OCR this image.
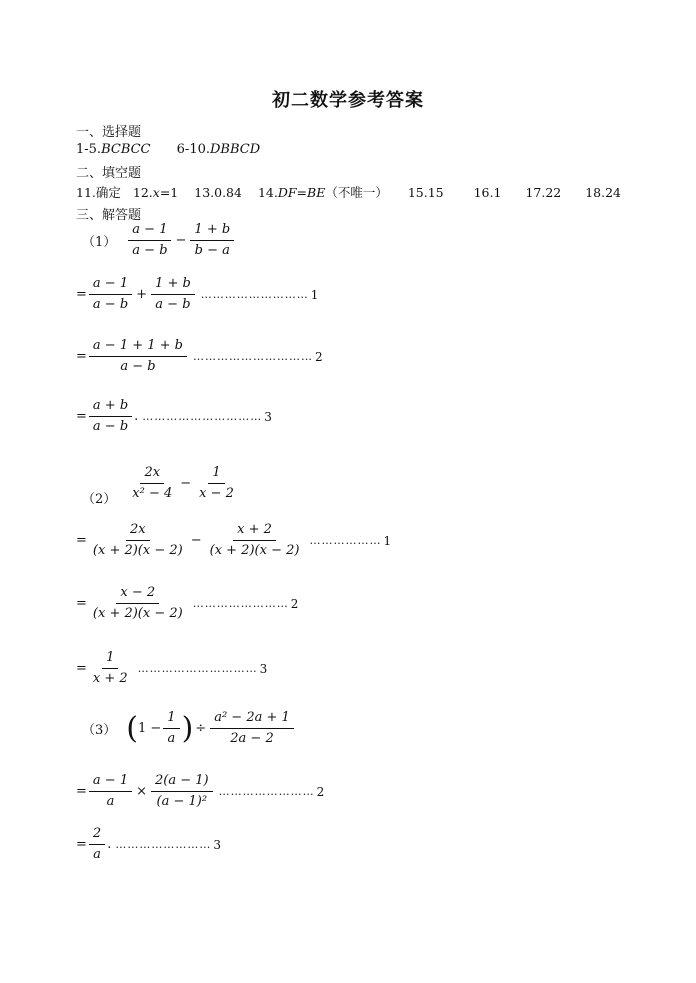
初二数学参考答案
一、选择题
1-5.BCBCC 6-10.DBBCD
二、填空题
11.确定 12.x=1 13.0.84 14.DF=BE（不唯一） 15.15 16.1 17.22 18.24
三、解答题
$(1) \frac{a - 1}{a - b} - \frac{1 + b}{b - a}$
= $\frac{a - 1}{a - b} + \frac{1 + b}{a - b}$ ……………………… 1
= $\frac{a - 1 + 1 + b}{a - b}$ ………………………… 2
= $\frac{a + b}{a - b}$ . ………………………… 3
$(2) \frac{2x}{\text{x² − 4}} - \frac{1}{x - 2}$
= $\frac{2x}{(x + 2)(x - 2)} - \frac{x + 2}{(x + 2)(x - 2)}$ ……………… 1
= $\frac{x - 2}{(x + 2)(x - 2)}$ …………………… 2
= $\frac{1}{x + 2}$ ………………………… 3
（3） ( $1 - \frac{1}{a}$ ) ÷ $\frac{\text{a² − 2a + 1}}{2a - 2}$
= $\frac{a - 1}{a} \times \frac{2(a - 1)}{\text{(a − 1)²}}$ …………………… 2
= $\frac{2}{a}$ . …………………… 3
